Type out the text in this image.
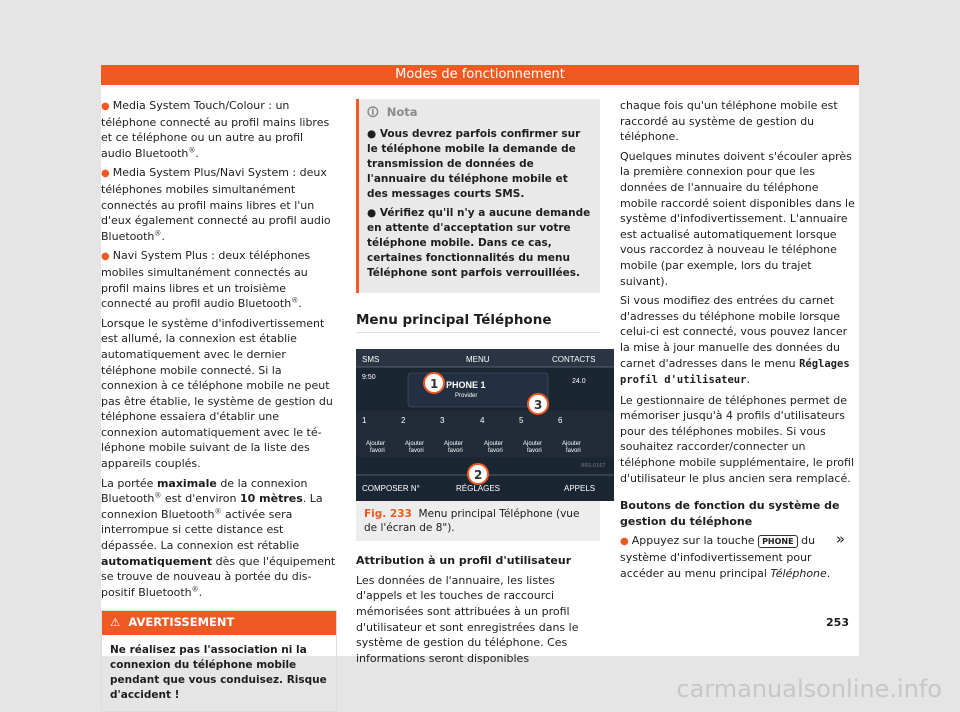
Modes de fonctionnement

● Media System Touch/Colour : un téléphone connecté au profil mains libres et ce téléphone ou un autre au profil audio Bluetooth®.

● Media System Plus/Navi System : deux téléphones mobiles simultanément connectés au profil mains libres et l'un d'eux également connecté au profil audio Bluetooth®.

● Navi System Plus : deux téléphones mobiles simultanément connectés au profil mains libres et un troisième connecté au profil audio Bluetooth®.

Lorsque le système d'infodivertissement est allumé, la connexion est établie automatiquement avec le dernier téléphone mobile connecté. Si la connexion à ce téléphone mobile ne peut pas être établie, le système de gestion du téléphone essaiera d'établir une connexion automatiquement avec le téléphone mobile suivant de la liste des appareils couplés.

La portée maximale de la connexion Bluetooth® est d'environ 10 mètres. La connexion Bluetooth® activée sera interrompue si cette distance est dépassée. La connexion est rétablie automatiquement dès que l'équipement se trouve de nouveau à portée du dispositif Bluetooth®.

⚠ AVERTISSEMENT
Ne réalisez pas l'association ni la connexion du téléphone mobile pendant que vous conduisez. Risque d'accident !
🛈 Nota

● Vous devrez parfois confirmer sur le téléphone mobile la demande de transmission de données de l'annuaire du téléphone mobile et des messages courts SMS.

● Vérifiez qu'il n'y a aucune demande en attente d'acceptation sur votre téléphone mobile. Dans ce cas, certaines fonctionnalités du menu Téléphone sont parfois verrouillées.

Menu principal Téléphone
SMS	MENU	CONTACTS
9:50
PHONE 1
Provider
24.0
1	2	3	4	5	6
Ajouter
favori
Ajouter
favori
Ajouter
favori
Ajouter
favori
Ajouter
favori
Ajouter
favori
BRS-0167
COMPOSER N°	RÉGLAGES	APPELS
1
3
2
Fig. 233 Menu principal Téléphone (vue de l'écran de 8").
Attribution à un profil d'utilisateur

Les données de l'annuaire, les listes d'appels et les touches de raccourci mémorisées sont attribuées à un profil d'utilisateur et sont enregistrées dans le système de gestion du téléphone. Ces informations seront disponibles

chaque fois qu'un téléphone mobile est raccordé au système de gestion du téléphone.

Quelques minutes doivent s'écouler après la première connexion pour que les données de l'annuaire du téléphone mobile raccordé soient disponibles dans le système d'infodivertissement. L'annuaire est actualisé automatiquement lorsque vous raccordez à nouveau le téléphone mobile (par exemple, lors du trajet suivant).

Si vous modifiez des entrées du carnet d'adresses du téléphone mobile lorsque celui-ci est connecté, vous pouvez lancer la mise à jour manuelle des données du carnet d'adresses dans le menu Réglages profil d'utilisateur.

Le gestionnaire de téléphones permet de mémoriser jusqu'à 4 profils d'utilisateurs pour des téléphones mobiles. Si vous souhaitez raccorder/connecter un téléphone mobile supplémentaire, le profil d'utilisateur le plus ancien sera remplacé.

Boutons de fonction du système de gestion du téléphone

● Appuyez sur la touche PHONE du système d'infodivertissement pour accéder au menu principal Téléphone.

»
253
carmanualsonline.info
